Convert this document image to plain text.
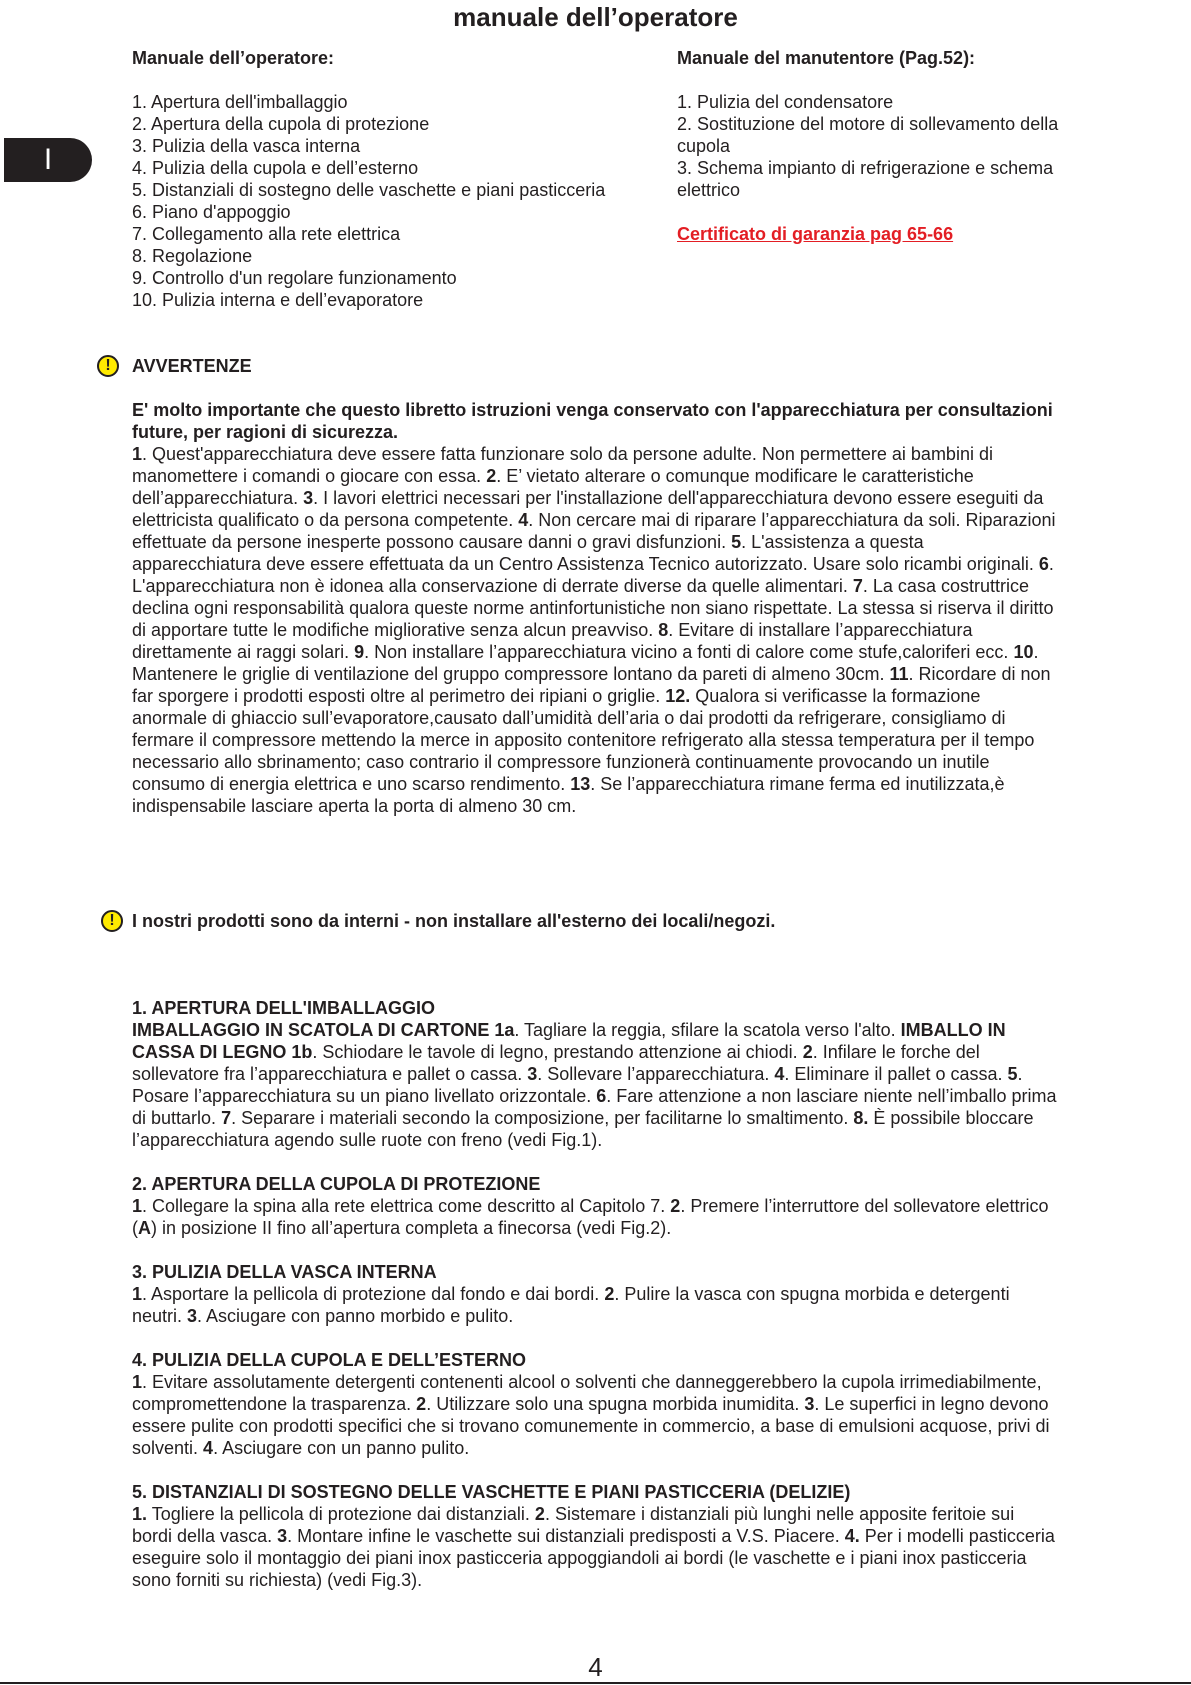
manuale dell’operatore
I
Manuale dell’operatore:
1. Apertura dell'imballaggio
2. Apertura della cupola di protezione
3. Pulizia della vasca interna
4. Pulizia della cupola e dell’esterno
5. Distanziali di sostegno delle vaschette e piani pasticceria
6. Piano d'appoggio
7. Collegamento alla rete elettrica
8. Regolazione
9. Controllo d'un regolare funzionamento
10. Pulizia interna e dell’evaporatore
Manuale del manutentore (Pag.52):
1. Pulizia del condensatore
2. Sostituzione del motore di sollevamento della cupola
3. Schema impianto di refrigerazione e schema elettrico
Certificato di garanzia pag 65-66
!	AVVERTENZE

E' molto importante che questo libretto istruzioni venga conservato con l'apparecchiatura per consultazioni future, per ragioni di sicurezza.

1. Quest'apparecchiatura deve essere fatta funzionare solo da persone adulte. Non permettere ai bambini di manomettere i comandi o giocare con essa. 2. E’ vietato alterare o comunque modificare le caratteristiche dell’apparecchiatura. 3. I lavori elettrici necessari per l'installazione dell'apparecchiatura devono essere eseguiti da elettricista qualificato o da persona competente. 4. Non cercare mai di riparare l’apparecchiatura da soli. Riparazioni effettuate da persone inesperte possono causare danni o gravi disfunzioni. 5. L'assistenza a questa apparecchiatura deve essere effettuata da un Centro Assistenza Tecnico autorizzato. Usare solo ricambi originali. 6. L'apparecchiatura non è idonea alla conservazione di derrate diverse da quelle alimentari. 7. La casa costruttrice declina ogni responsabilità qualora queste norme antinfortunistiche non siano rispettate. La stessa si riserva il diritto di apportare tutte le modifiche migliorative senza alcun preavviso. 8. Evitare di installare l’apparecchiatura direttamente ai raggi solari. 9. Non installare l’apparecchiatura vicino a fonti di calore come stufe,caloriferi ecc. 10. Mantenere le griglie di ventilazione del gruppo compressore lontano da pareti di almeno 30cm. 11. Ricordare di non far sporgere i prodotti esposti oltre al perimetro dei ripiani o griglie. 12. Qualora si verificasse la formazione anormale di ghiaccio sull’evaporatore,causato dall’umidità dell’aria o dai prodotti da refrigerare, consigliamo di fermare il compressore mettendo la merce in apposito contenitore refrigerato alla stessa temperatura per il tempo necessario allo sbrinamento; caso contrario il compressore funzionerà continuamente provocando un inutile consumo di energia elettrica e uno scarso rendimento. 13. Se l’apparecchiatura rimane ferma ed inutilizzata,è indispensabile lasciare aperta la porta di almeno 30 cm.

! I nostri prodotti sono da interni - non installare all'esterno dei locali/negozi.

1. APERTURA DELL'IMBALLAGGIO

IMBALLAGGIO IN SCATOLA DI CARTONE 1a. Tagliare la reggia, sfilare la scatola verso l'alto. IMBALLO IN CASSA DI LEGNO 1b. Schiodare le tavole di legno, prestando attenzione ai chiodi. 2. Infilare le forche del sollevatore fra l’apparecchiatura e pallet o cassa. 3. Sollevare l’apparecchiatura. 4. Eliminare il pallet o cassa. 5. Posare l’apparecchiatura su un piano livellato orizzontale. 6. Fare attenzione a non lasciare niente nell’imballo prima di buttarlo. 7. Separare i materiali secondo la composizione, per facilitarne lo smaltimento. 8. È possibile bloccare l’apparecchiatura agendo sulle ruote con freno (vedi Fig.1).

2. APERTURA DELLA CUPOLA DI PROTEZIONE

1. Collegare la spina alla rete elettrica come descritto al Capitolo 7. 2. Premere l’interruttore del sollevatore elettrico (A) in posizione II fino all’apertura completa a finecorsa (vedi Fig.2).

3. PULIZIA DELLA VASCA INTERNA

1. Asportare la pellicola di protezione dal fondo e dai bordi. 2. Pulire la vasca con spugna morbida e detergenti neutri. 3. Asciugare con panno morbido e pulito.

4. PULIZIA DELLA CUPOLA E DELL’ESTERNO

1. Evitare assolutamente detergenti contenenti alcool o solventi che danneggerebbero la cupola irrimediabilmente, compromettendone la trasparenza. 2. Utilizzare solo una spugna morbida inumidita. 3. Le superfici in legno devono essere pulite con prodotti specifici che si trovano comunemente in commercio, a base di emulsioni acquose, privi di solventi. 4. Asciugare con un panno pulito.

5. DISTANZIALI DI SOSTEGNO DELLE VASCHETTE E PIANI PASTICCERIA (DELIZIE)

1. Togliere la pellicola di protezione dai distanziali. 2. Sistemare i distanziali più lunghi nelle apposite feritoie sui bordi della vasca. 3. Montare infine le vaschette sui distanziali predisposti a V.S. Piacere. 4. Per i modelli pasticceria eseguire solo il montaggio dei piani inox pasticceria appoggiandoli ai bordi (le vaschette e i piani inox pasticceria sono forniti su richiesta) (vedi Fig.3).

4
